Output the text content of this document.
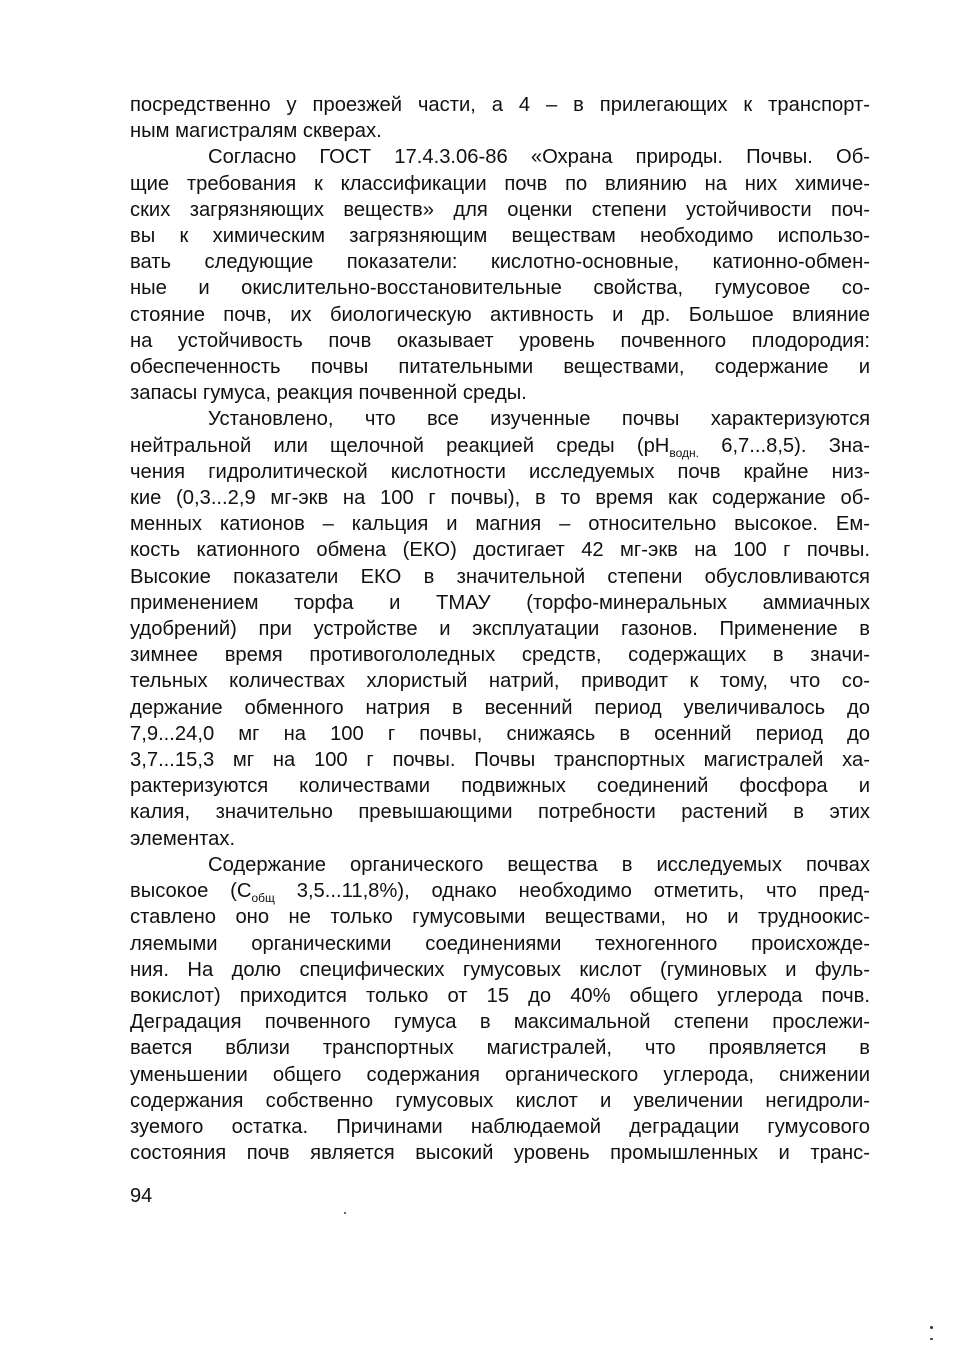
посредственно у проезжей части, а 4 – в прилегающих к транспорт-
ным магистралям скверах.

Согласно ГОСТ 17.4.3.06-86 «Охрана природы. Почвы. Об-
щие требования к классификации почв по влиянию на них химиче-
ских загрязняющих веществ» для оценки степени устойчивости поч-
вы к химическим загрязняющим веществам необходимо использо-
вать следующие показатели: кислотно-основные, катионно-обмен-
ные и окислительно-восстановительные свойства, гумусовое со-
стояние почв, их биологическую активность и др. Большое влияние
на устойчивость почв оказывает уровень почвенного плодородия:
обеспеченность почвы питательными веществами, содержание и
запасы гумуса, реакция почвенной среды.

Установлено, что все изученные почвы характеризуются
нейтральной или щелочной реакцией среды ($pH_{водн.}$ 6,7...8,5). Зна-
чения гидролитической кислотности исследуемых почв крайне низ-
кие (0,3...2,9 мг-экв на 100 г почвы), в то время как содержание об-
менных катионов – кальция и магния – относительно высокое. Ем-
кость катионного обмена (ЕКО) достигает 42 мг-экв на 100 г почвы.
Высокие показатели ЕКО в значительной степени обусловливаются
применением торфа и ТМАУ (торфо-минеральных аммиачных
удобрений) при устройстве и эксплуатации газонов. Применение в
зимнее время противогололедных средств, содержащих в значи-
тельных количествах хлористый натрий, приводит к тому, что со-
держание обменного натрия в весенний период увеличивалось до
7,9...24,0 мг на 100 г почвы, снижаясь в осенний период до
3,7...15,3 мг на 100 г почвы. Почвы транспортных магистралей ха-
рактеризуются количествами подвижных соединений фосфора и
калия, значительно превышающими потребности растений в этих
элементах.

Содержание органического вещества в исследуемых почвах
высокое ($С_{общ}$ 3,5...11,8%), однако необходимо отметить, что пред-
ставлено оно не только гумусовыми веществами, но и трудноокис-
ляемыми органическими соединениями техногенного происхожде-
ния. На долю специфических гумусовых кислот (гуминовых и фуль-
вокислот) приходится только от 15 до 40% общего углерода почв.
Деградация почвенного гумуса в максимальной степени прослежи-
вается вблизи транспортных магистралей, что проявляется в
уменьшении общего содержания органического углерода, снижении
содержания собственно гумусовых кислот и увеличении негидроли-
зуемого остатка. Причинами наблюдаемой деградации гумусового
состояния почв является высокий уровень промышленных и транс-

94
